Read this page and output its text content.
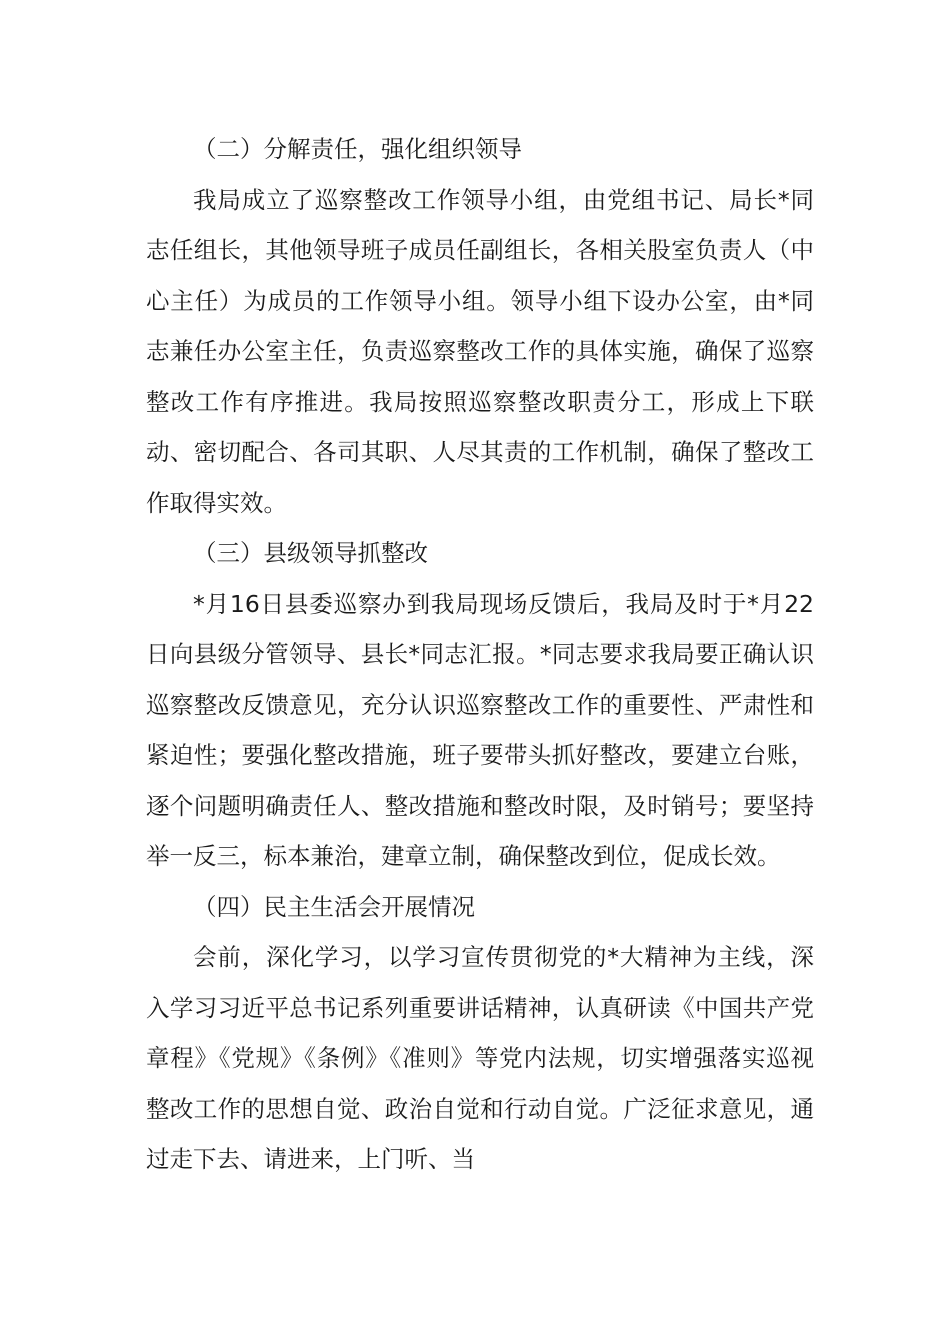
（二）分解责任，强化组织领导

我局成立了巡察整改工作领导小组，由党组书记、局长*同志任组长，其他领导班子成员任副组长，各相关股室负责人（中心主任）为成员的工作领导小组。领导小组下设办公室，由*同志兼任办公室主任，负责巡察整改工作的具体实施，确保了巡察整改工作有序推进。我局按照巡察整改职责分工，形成上下联动、密切配合、各司其职、人尽其责的工作机制，确保了整改工作取得实效。

（三）县级领导抓整改

*月16日县委巡察办到我局现场反馈后，我局及时于*月22日向县级分管领导、县长*同志汇报。*同志要求我局要正确认识巡察整改反馈意见，充分认识巡察整改工作的重要性、严肃性和紧迫性；要强化整改措施，班子要带头抓好整改，要建立台账，逐个问题明确责任人、整改措施和整改时限，及时销号；要坚持举一反三，标本兼治，建章立制，确保整改到位，促成长效。

（四）民主生活会开展情况

会前，深化学习，以学习宣传贯彻党的*大精神为主线，深入学习习近平总书记系列重要讲话精神，认真研读《中国共产党章程》《党规》《条例》《准则》等党内法规，切实增强落实巡视整改工作的思想自觉、政治自觉和行动自觉。广泛征求意见，通过走下去、请进来，上门听、当
